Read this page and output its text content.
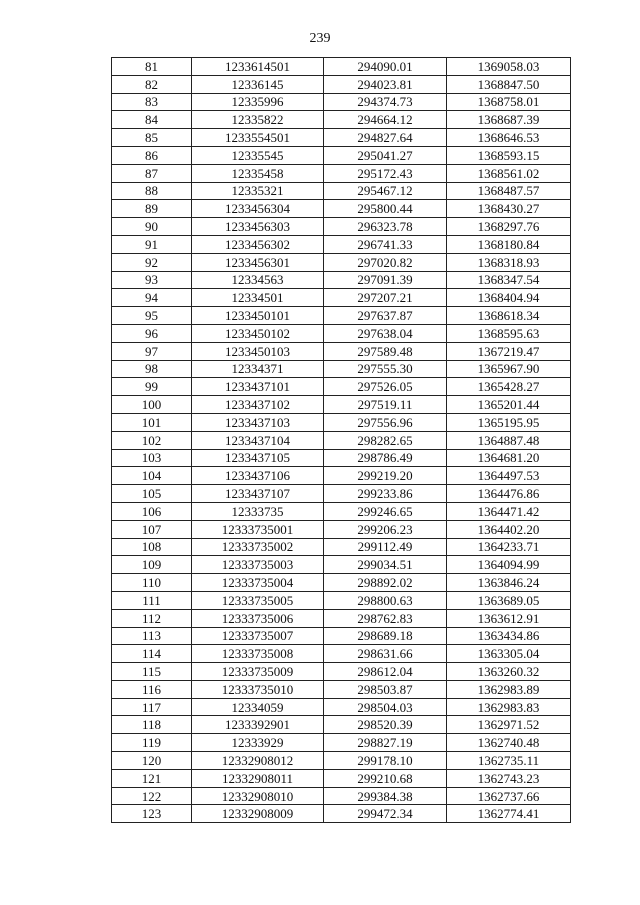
239
81	1233614501	294090.01	1369058.03
82	12336145	294023.81	1368847.50
83	12335996	294374.73	1368758.01
84	12335822	294664.12	1368687.39
85	1233554501	294827.64	1368646.53
86	12335545	295041.27	1368593.15
87	12335458	295172.43	1368561.02
88	12335321	295467.12	1368487.57
89	1233456304	295800.44	1368430.27
90	1233456303	296323.78	1368297.76
91	1233456302	296741.33	1368180.84
92	1233456301	297020.82	1368318.93
93	12334563	297091.39	1368347.54
94	12334501	297207.21	1368404.94
95	1233450101	297637.87	1368618.34
96	1233450102	297638.04	1368595.63
97	1233450103	297589.48	1367219.47
98	12334371	297555.30	1365967.90
99	1233437101	297526.05	1365428.27
100	1233437102	297519.11	1365201.44
101	1233437103	297556.96	1365195.95
102	1233437104	298282.65	1364887.48
103	1233437105	298786.49	1364681.20
104	1233437106	299219.20	1364497.53
105	1233437107	299233.86	1364476.86
106	12333735	299246.65	1364471.42
107	12333735001	299206.23	1364402.20
108	12333735002	299112.49	1364233.71
109	12333735003	299034.51	1364094.99
110	12333735004	298892.02	1363846.24
111	12333735005	298800.63	1363689.05
112	12333735006	298762.83	1363612.91
113	12333735007	298689.18	1363434.86
114	12333735008	298631.66	1363305.04
115	12333735009	298612.04	1363260.32
116	12333735010	298503.87	1362983.89
117	12334059	298504.03	1362983.83
118	1233392901	298520.39	1362971.52
119	12333929	298827.19	1362740.48
120	12332908012	299178.10	1362735.11
121	12332908011	299210.68	1362743.23
122	12332908010	299384.38	1362737.66
123	12332908009	299472.34	1362774.41
